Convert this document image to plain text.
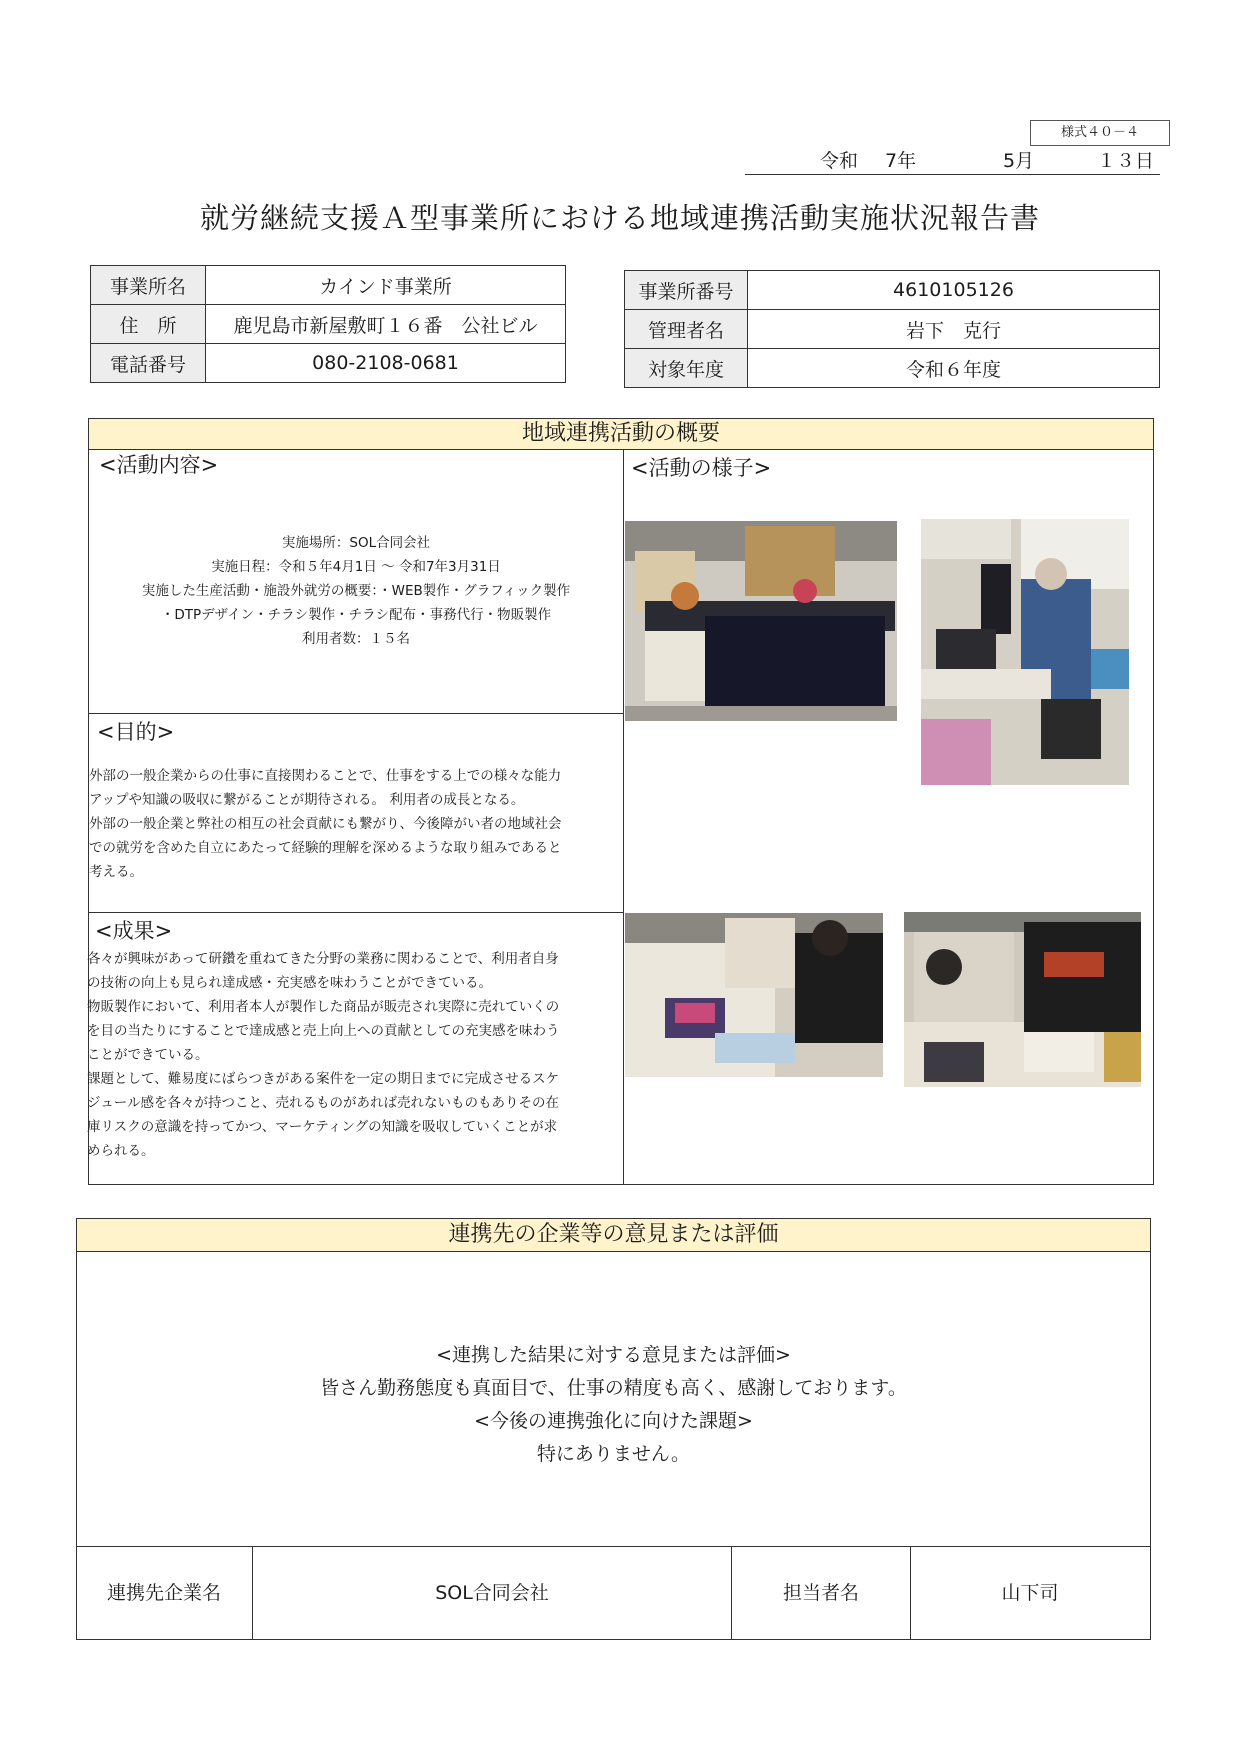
様式４０－４
令和 7年	5月	１３日
就労継続支援Ａ型事業所における地域連携活動実施状況報告書
事業所名	カインド事業所
住　所	鹿児島市新屋敷町１６番　公社ビル
電話番号	080-2108-0681
事業所番号	4610105126
管理者名	岩下　克行
対象年度	令和６年度
地域連携活動の概要
<活動内容>
実施場所：SOL合同会社
実施日程：令和５年4月1日 ～ 令和7年3月31日
実施した生産活動・施設外就労の概要：・WEB製作・グラフィック製作
・DTPデザイン・チラシ製作・チラシ配布・事務代行・物販製作
利用者数：１５名
<目的>
外部の一般企業からの仕事に直接関わることで、仕事をする上での様々な能力
アップや知識の吸収に繋がることが期待される。 利用者の成長となる。
外部の一般企業と弊社の相互の社会貢献にも繋がり、今後障がい者の地域社会
での就労を含めた自立にあたって経験的理解を深めるような取り組みであると
考える。
<成果>
各々が興味があって研鑽を重ねてきた分野の業務に関わることで、利用者自身
の技術の向上も見られ達成感・充実感を味わうことができている。
物販製作において、利用者本人が製作した商品が販売され実際に売れていくの
を目の当たりにすることで達成感と売上向上への貢献としての充実感を味わう
ことができている。
課題として、難易度にばらつきがある案件を一定の期日までに完成させるスケ
ジュール感を各々が持つこと、売れるものがあれば売れないものもありその在
庫リスクの意識を持ってかつ、マーケティングの知識を吸収していくことが求
められる。
<活動の様子>
連携先の企業等の意見または評価
<連携した結果に対する意見または評価>
皆さん勤務態度も真面目で、仕事の精度も高く、感謝しております。
<今後の連携強化に向けた課題>
特にありません。
連携先企業名	SOL合同会社	担当者名	山下司
